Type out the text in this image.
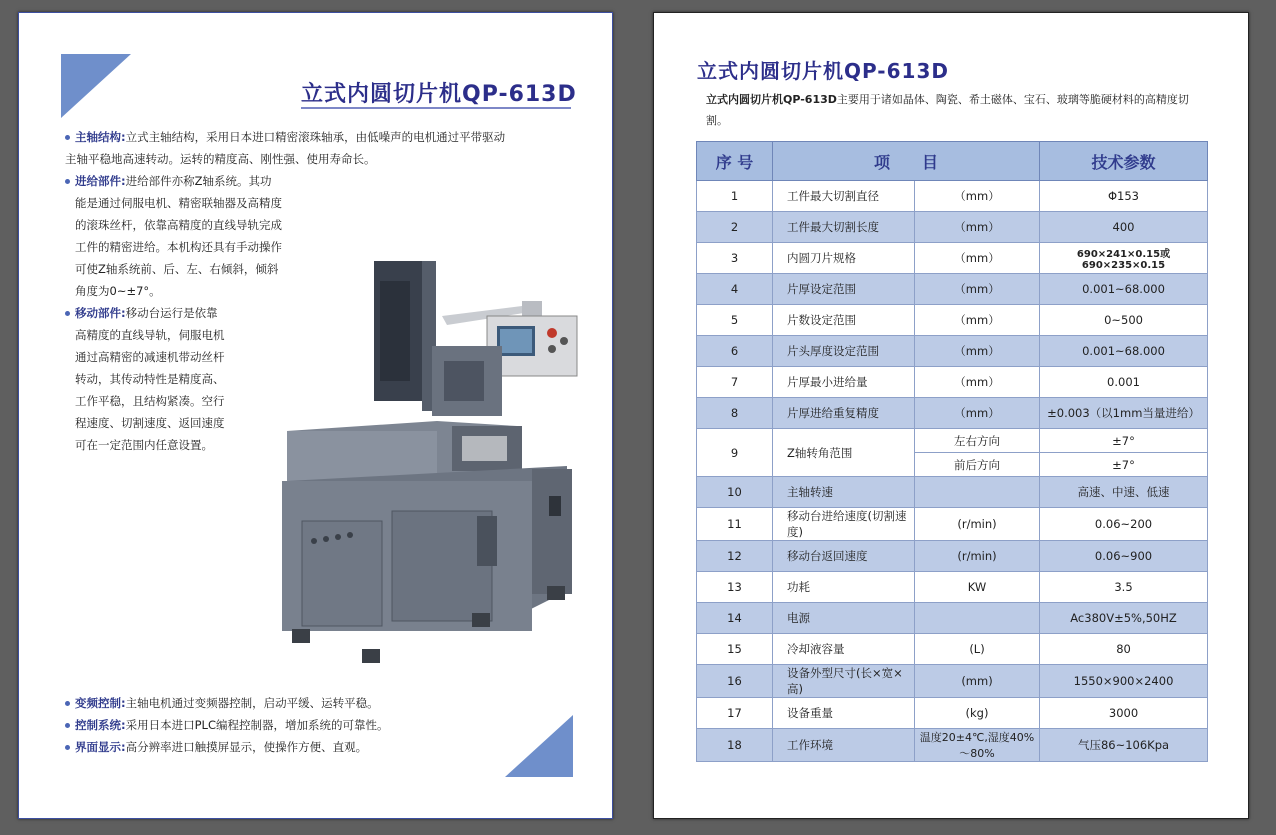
立式内圆切片机QP-613D
主轴结构:立式主轴结构，采用日本进口精密滚珠轴承，由低噪声的电机通过平带驱动主轴平稳地高速转动。运转的精度高、刚性强、使用寿命长。
进给部件:进给部件亦称Z轴系统。其功
能是通过伺服电机、精密联轴器及高精度
的滚珠丝杆，依靠高精度的直线导轨完成
工件的精密进给。本机构还具有手动操作
可使Z轴系统前、后、左、右倾斜，倾斜
角度为0~±7°。
移动部件:移动台运行是依靠
高精度的直线导轨，伺服电机
通过高精密的减速机带动丝杆
转动，其传动特性是精度高、
工作平稳，且结构紧凑。空行
程速度、切割速度、返回速度
可在一定范围内任意设置。
变频控制:主轴电机通过变频器控制，启动平缓、运转平稳。
控制系统:采用日本进口PLC编程控制器，增加系统的可靠性。
界面显示:高分辨率进口触摸屏显示，使操作方便、直观。
立式内圆切片机QP-613D
立式内圆切片机QP-613D主要用于诸如晶体、陶瓷、希土磁体、宝石、玻璃等脆硬材料的高精度切割。
序 号	项　　目		技术参数
1	工件最大切割直径	（mm）	Φ153
2	工件最大切割长度	（mm）	400
3	内圆刀片规格	（mm）	690×241×0.15或690×235×0.15
4	片厚设定范围	（mm）	0.001~68.000
5	片数设定范围	（mm）	0~500
6	片头厚度设定范围	（mm）	0.001~68.000
7	片厚最小进给量	（mm）	0.001
8	片厚进给重复精度	（mm）	±0.003（以1mm当量进给）
9	Z轴转角范围	左右方向	±7°
		前后方向	±7°
10	主轴转速		高速、中速、低速
11	移动台进给速度(切割速度)	(r/min)	0.06~200
12	移动台返回速度	(r/min)	0.06~900
13	功耗	KW	3.5
14	电源		Ac380V±5%,50HZ
15	冷却液容量	(L)	80
16	设备外型尺寸(长×宽×高)	(mm)	1550×900×2400
17	设备重量	(kg)	3000
18	工作环境	温度20±4℃,湿度40%～80%	气压86~106Kpa
